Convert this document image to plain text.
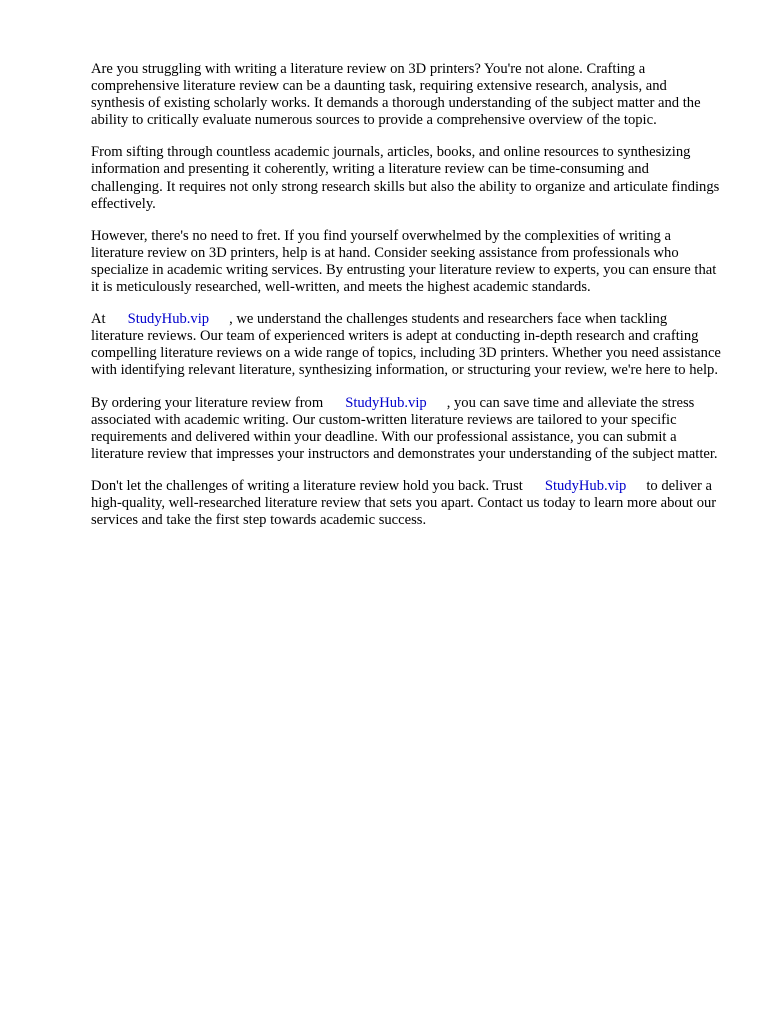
Are you struggling with writing a literature review on 3D printers? You're not alone. Crafting a comprehensive literature review can be a daunting task, requiring extensive research, analysis, and synthesis of existing scholarly works. It demands a thorough understanding of the subject matter and the ability to critically evaluate numerous sources to provide a comprehensive overview of the topic.

From sifting through countless academic journals, articles, books, and online resources to synthesizing information and presenting it coherently, writing a literature review can be time-consuming and challenging. It requires not only strong research skills but also the ability to organize and articulate findings effectively.

However, there's no need to fret. If you find yourself overwhelmed by the complexities of writing a literature review on 3D printers, help is at hand. Consider seeking assistance from professionals who specialize in academic writing services. By entrusting your literature review to experts, you can ensure that it is meticulously researched, well-written, and meets the highest academic standards.

At StudyHub.vip , we understand the challenges students and researchers face when tackling literature reviews. Our team of experienced writers is adept at conducting in-depth research and crafting compelling literature reviews on a wide range of topics, including 3D printers. Whether you need assistance with identifying relevant literature, synthesizing information, or structuring your review, we're here to help.

By ordering your literature review from StudyHub.vip , you can save time and alleviate the stress associated with academic writing. Our custom-written literature reviews are tailored to your specific requirements and delivered within your deadline. With our professional assistance, you can submit a literature review that impresses your instructors and demonstrates your understanding of the subject matter.

Don't let the challenges of writing a literature review hold you back. Trust StudyHub.vip to deliver a high-quality, well-researched literature review that sets you apart. Contact us today to learn more about our services and take the first step towards academic success.
